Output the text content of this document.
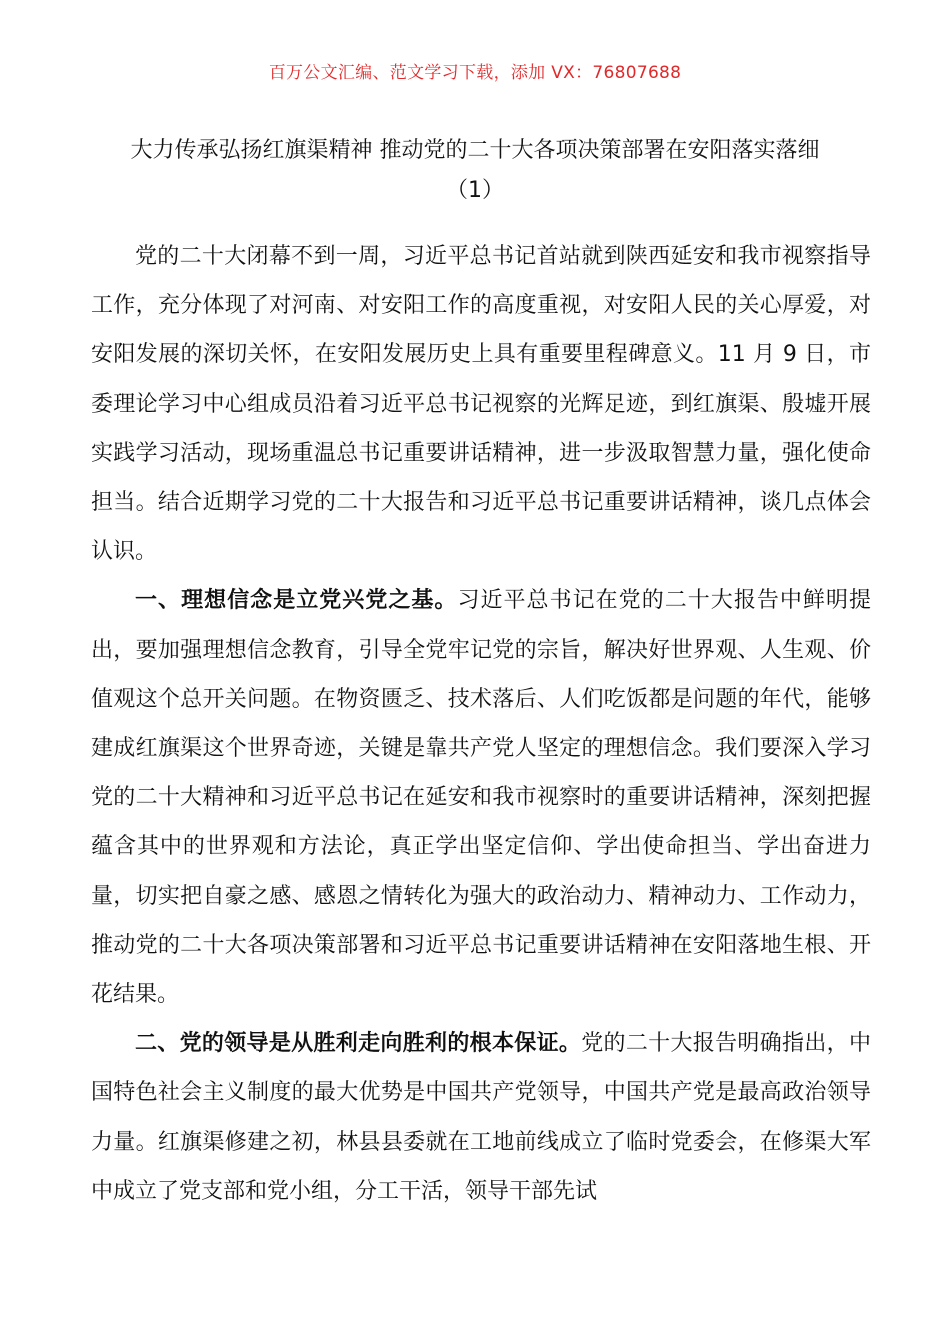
百万公文汇编、范文学习下载，添加 VX：76807688
大力传承弘扬红旗渠精神 推动党的二十大各项决策部署在安阳落实落细
（1）

党的二十大闭幕不到一周，习近平总书记首站就到陕西延安和我市视察指导工作，充分体现了对河南、对安阳工作的高度重视，对安阳人民的关心厚爱，对安阳发展的深切关怀，在安阳发展历史上具有重要里程碑意义。11 月 9 日，市委理论学习中心组成员沿着习近平总书记视察的光辉足迹，到红旗渠、殷墟开展实践学习活动，现场重温总书记重要讲话精神，进一步汲取智慧力量，强化使命担当。结合近期学习党的二十大报告和习近平总书记重要讲话精神，谈几点体会认识。

一、理想信念是立党兴党之基。习近平总书记在党的二十大报告中鲜明提出，要加强理想信念教育，引导全党牢记党的宗旨，解决好世界观、人生观、价值观这个总开关问题。在物资匮乏、技术落后、人们吃饭都是问题的年代，能够建成红旗渠这个世界奇迹，关键是靠共产党人坚定的理想信念。我们要深入学习党的二十大精神和习近平总书记在延安和我市视察时的重要讲话精神，深刻把握蕴含其中的世界观和方法论，真正学出坚定信仰、学出使命担当、学出奋进力量，切实把自豪之感、感恩之情转化为强大的政治动力、精神动力、工作动力，推动党的二十大各项决策部署和习近平总书记重要讲话精神在安阳落地生根、开花结果。

二、党的领导是从胜利走向胜利的根本保证。党的二十大报告明确指出，中国特色社会主义制度的最大优势是中国共产党领导，中国共产党是最高政治领导力量。红旗渠修建之初，林县县委就在工地前线成立了临时党委会，在修渠大军中成立了党支部和党小组，分工干活，领导干部先试
